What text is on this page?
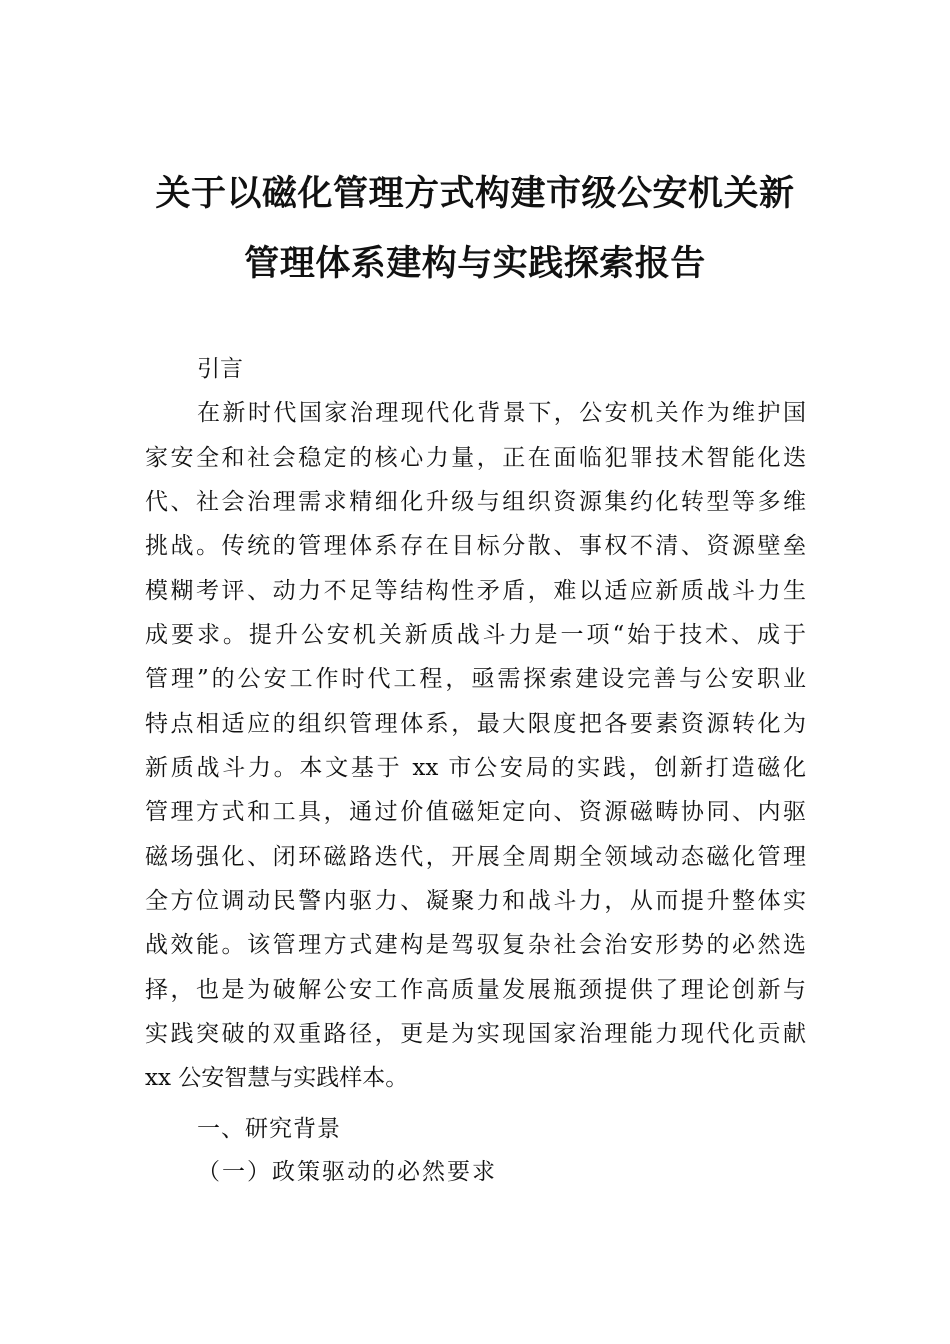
关于以磁化管理方式构建市级公安机关新
管理体系建构与实践探索报告
引言
在新时代国家治理现代化背景下，公安机关作为维护国
家安全和社会稳定的核心力量，正在面临犯罪技术智能化迭
代、社会治理需求精细化升级与组织资源集约化转型等多维
挑战。传统的管理体系存在目标分散、事权不清、资源壁垒
模糊考评、动力不足等结构性矛盾，难以适应新质战斗力生
成要求。提升公安机关新质战斗力是一项“始于技术、成于
管理”的公安工作时代工程，亟需探索建设完善与公安职业
特点相适应的组织管理体系，最大限度把各要素资源转化为
新质战斗力。本文基于 xx 市公安局的实践，创新打造磁化
管理方式和工具，通过价值磁矩定向、资源磁畴协同、内驱
磁场强化、闭环磁路迭代，开展全周期全领域动态磁化管理
全方位调动民警内驱力、凝聚力和战斗力，从而提升整体实
战效能。该管理方式建构是驾驭复杂社会治安形势的必然选
择，也是为破解公安工作高质量发展瓶颈提供了理论创新与
实践突破的双重路径，更是为实现国家治理能力现代化贡献
xx 公安智慧与实践样本。
一、研究背景
（一）政策驱动的必然要求
